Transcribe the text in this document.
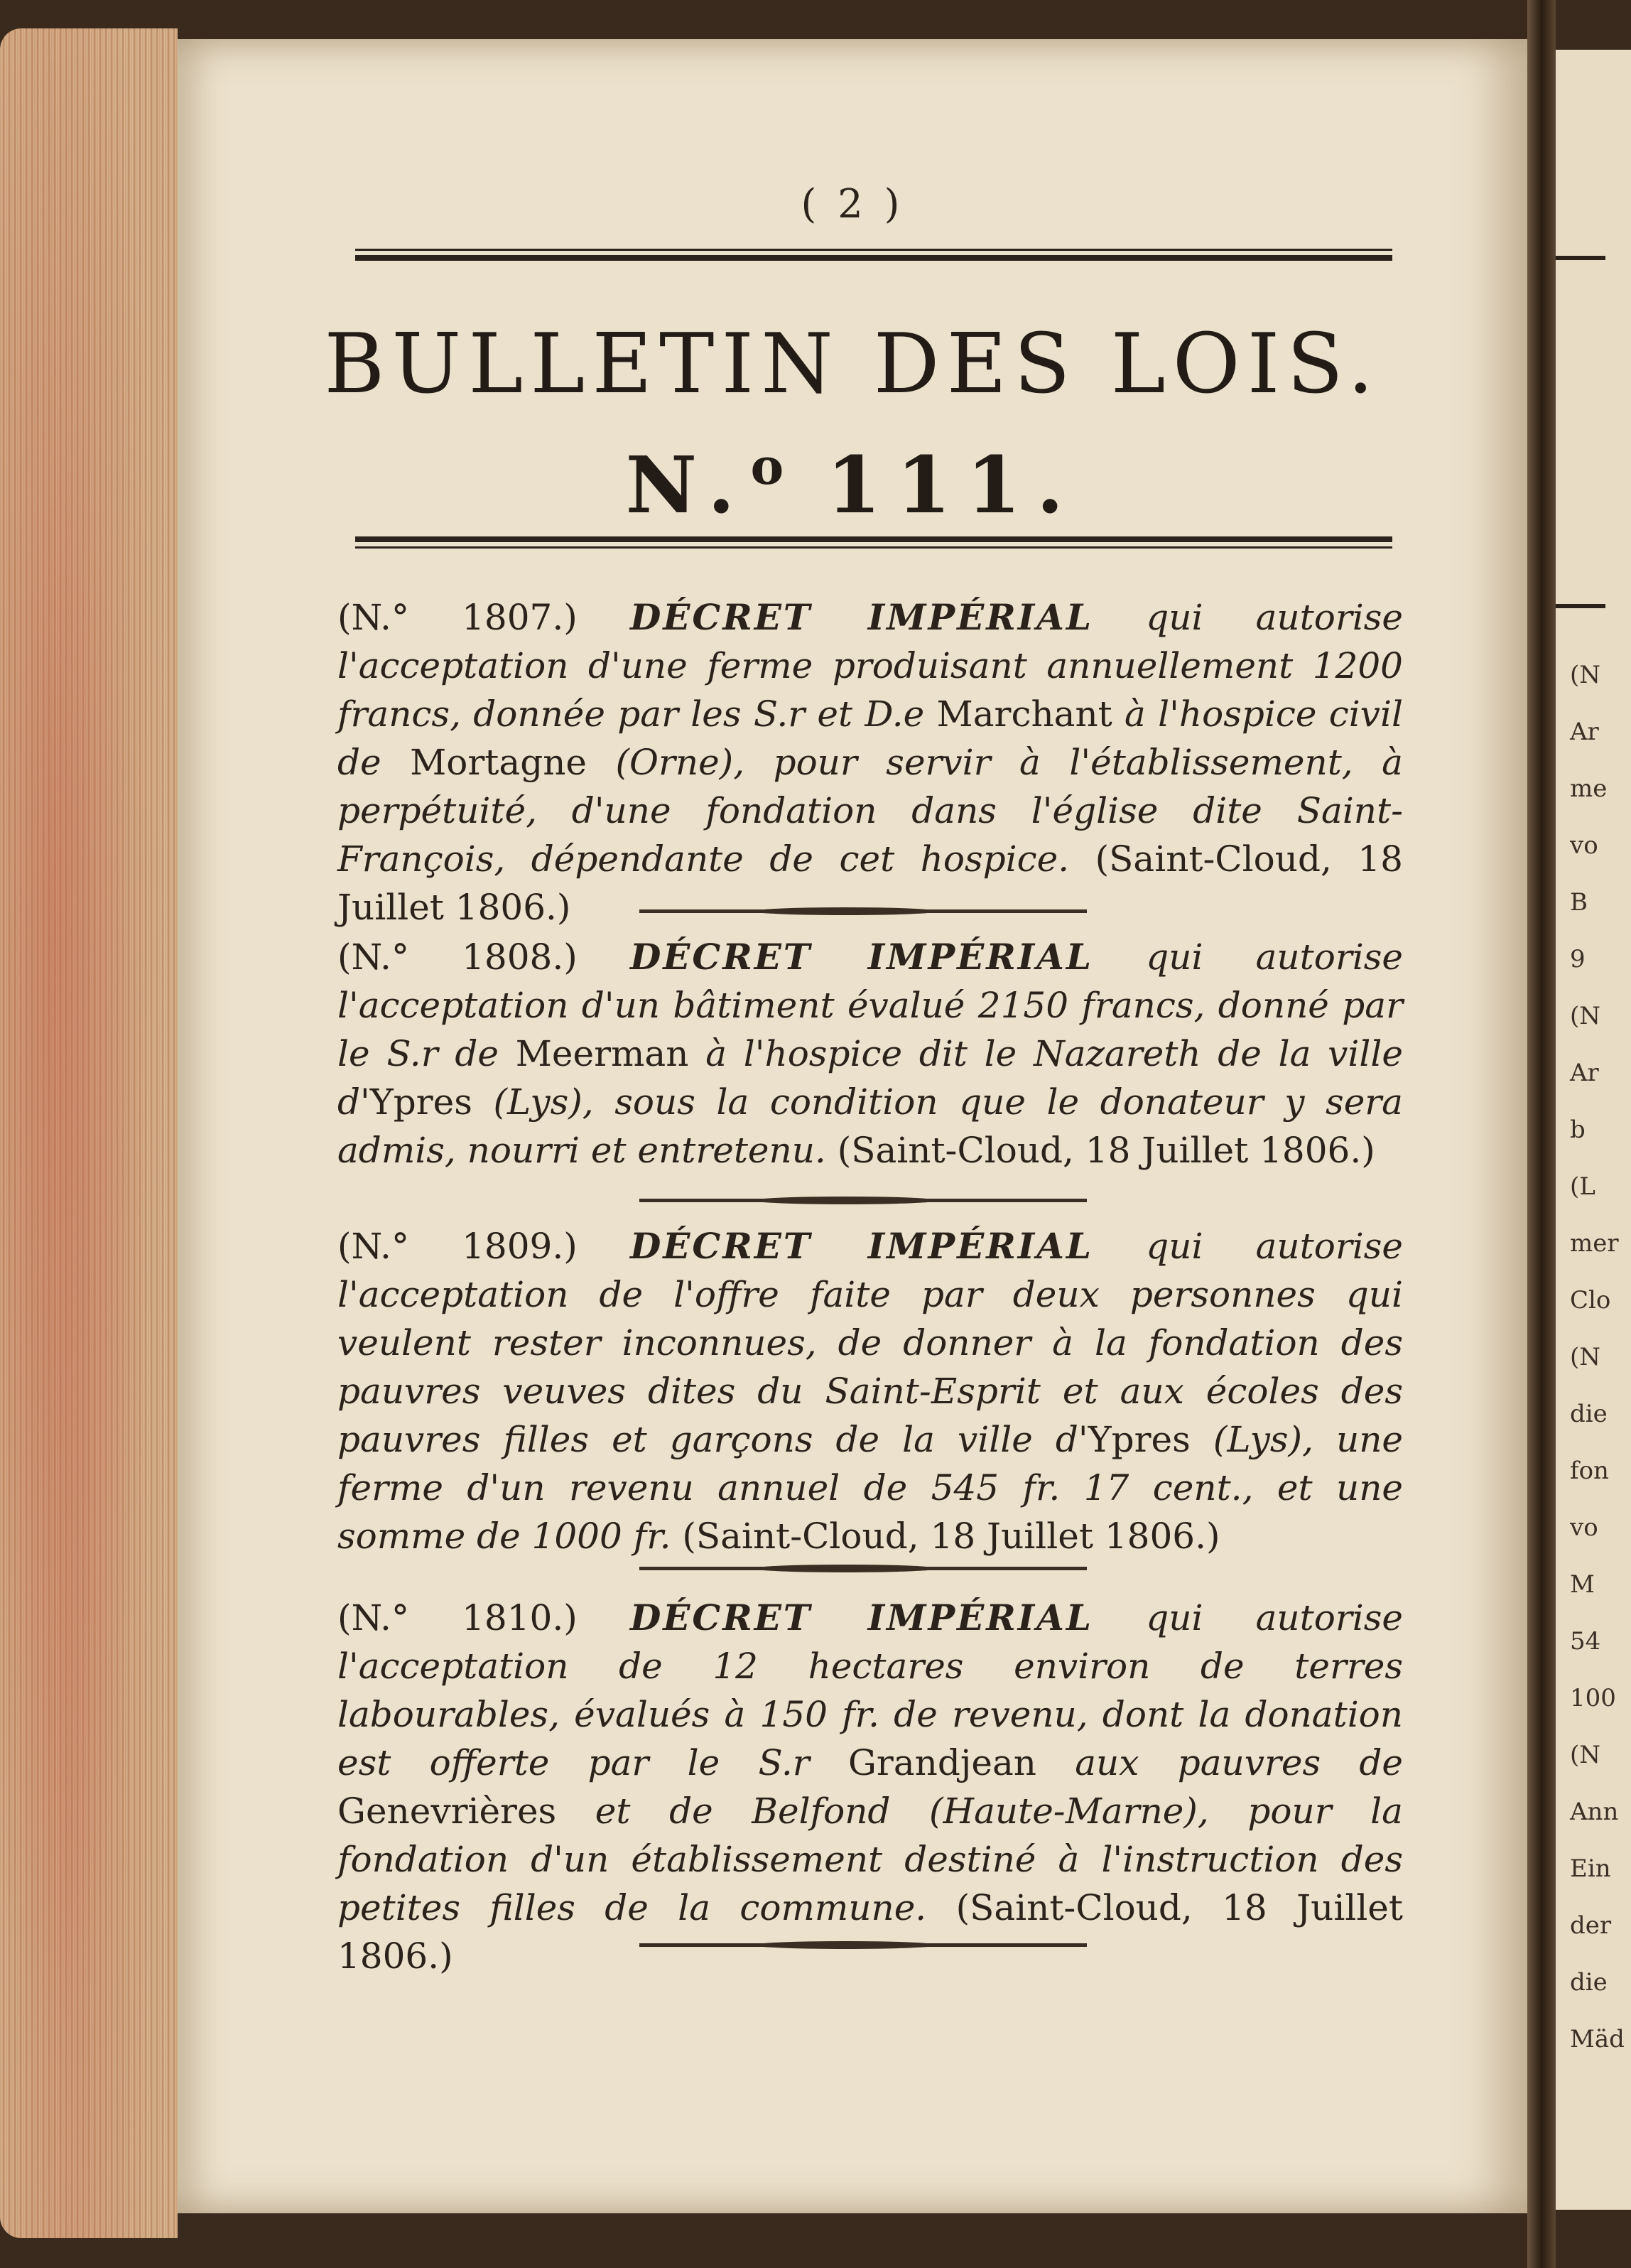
( 2 )
BULLETIN DES LOIS.
N.$^o$ 111.
(N.° 1807.) DÉCRET IMPÉRIAL qui autorise l'acceptation d'une ferme produisant annuellement 1200 francs, donnée par les S.r et D.e Marchant à l'hospice civil de Mortagne (Orne), pour servir à l'établissement, à perpétuité, d'une fondation dans l'église dite Saint-François, dépendante de cet hospice. (Saint-Cloud, 18 Juillet 1806.)
(N.° 1808.) DÉCRET IMPÉRIAL qui autorise l'acceptation d'un bâtiment évalué 2150 francs, donné par le S.r de Meerman à l'hospice dit le Nazareth de la ville d'Ypres (Lys), sous la condition que le donateur y sera admis, nourri et entretenu. (Saint-Cloud, 18 Juillet 1806.)
(N.° 1809.) DÉCRET IMPÉRIAL qui autorise l'acceptation de l'offre faite par deux personnes qui veulent rester inconnues, de donner à la fondation des pauvres veuves dites du Saint-Esprit et aux écoles des pauvres filles et garçons de la ville d'Ypres (Lys), une ferme d'un revenu annuel de 545 fr. 17 cent., et une somme de 1000 fr. (Saint-Cloud, 18 Juillet 1806.)
(N.° 1810.) DÉCRET IMPÉRIAL qui autorise l'acceptation de 12 hectares environ de terres labourables, évalués à 150 fr. de revenu, dont la donation est offerte par le S.r Grandjean aux pauvres de Genevrières et de Belfond (Haute-Marne), pour la fondation d'un établissement destiné à l'instruction des petites filles de la commune. (Saint-Cloud, 18 Juillet 1806.)
(N
Ar
me
vo
B
9
(N
Ar
b
(L
mer
Clo
(N
die
fon
vo
M
54
100
(N
Ann
Ein
der
die
Mäd
